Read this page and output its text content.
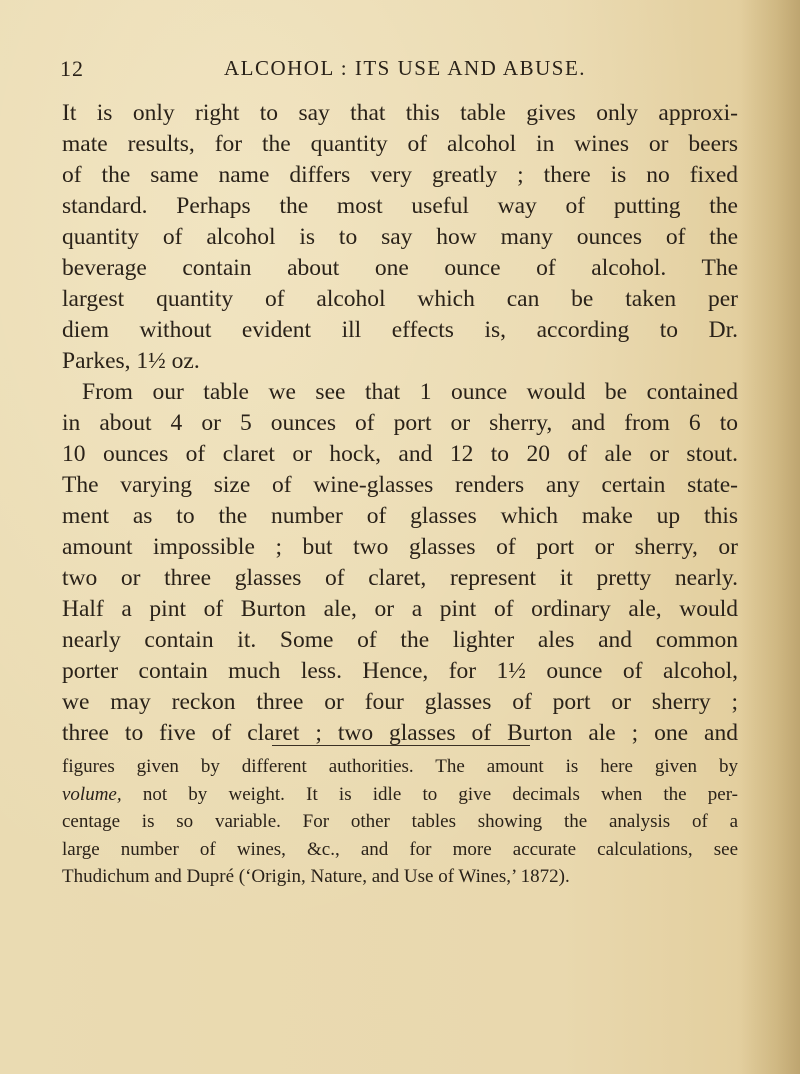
12	ALCOHOL : ITS USE AND ABUSE.
It is only right to say that this table gives only approxi-
mate results, for the quantity of alcohol in wines or beers
of the same name differs very greatly ; there is no fixed
standard. Perhaps the most useful way of putting the
quantity of alcohol is to say how many ounces of the
beverage contain about one ounce of alcohol. The
largest quantity of alcohol which can be taken per
diem without evident ill effects is, according to Dr.
Parkes, 1½ oz.
From our table we see that 1 ounce would be contained
in about 4 or 5 ounces of port or sherry, and from 6 to
10 ounces of claret or hock, and 12 to 20 of ale or stout.
The varying size of wine-glasses renders any certain state-
ment as to the number of glasses which make up this
amount impossible ; but two glasses of port or sherry, or
two or three glasses of claret, represent it pretty nearly.
Half a pint of Burton ale, or a pint of ordinary ale, would
nearly contain it. Some of the lighter ales and common
porter contain much less. Hence, for 1½ ounce of alcohol,
we may reckon three or four glasses of port or sherry ;
three to five of claret ; two glasses of Burton ale ; one and
figures given by different authorities. The amount is here given by
volume, not by weight. It is idle to give decimals when the per-
centage is so variable. For other tables showing the analysis of a
large number of wines, &c., and for more accurate calculations, see
Thudichum and Dupré (‘Origin, Nature, and Use of Wines,’ 1872).
